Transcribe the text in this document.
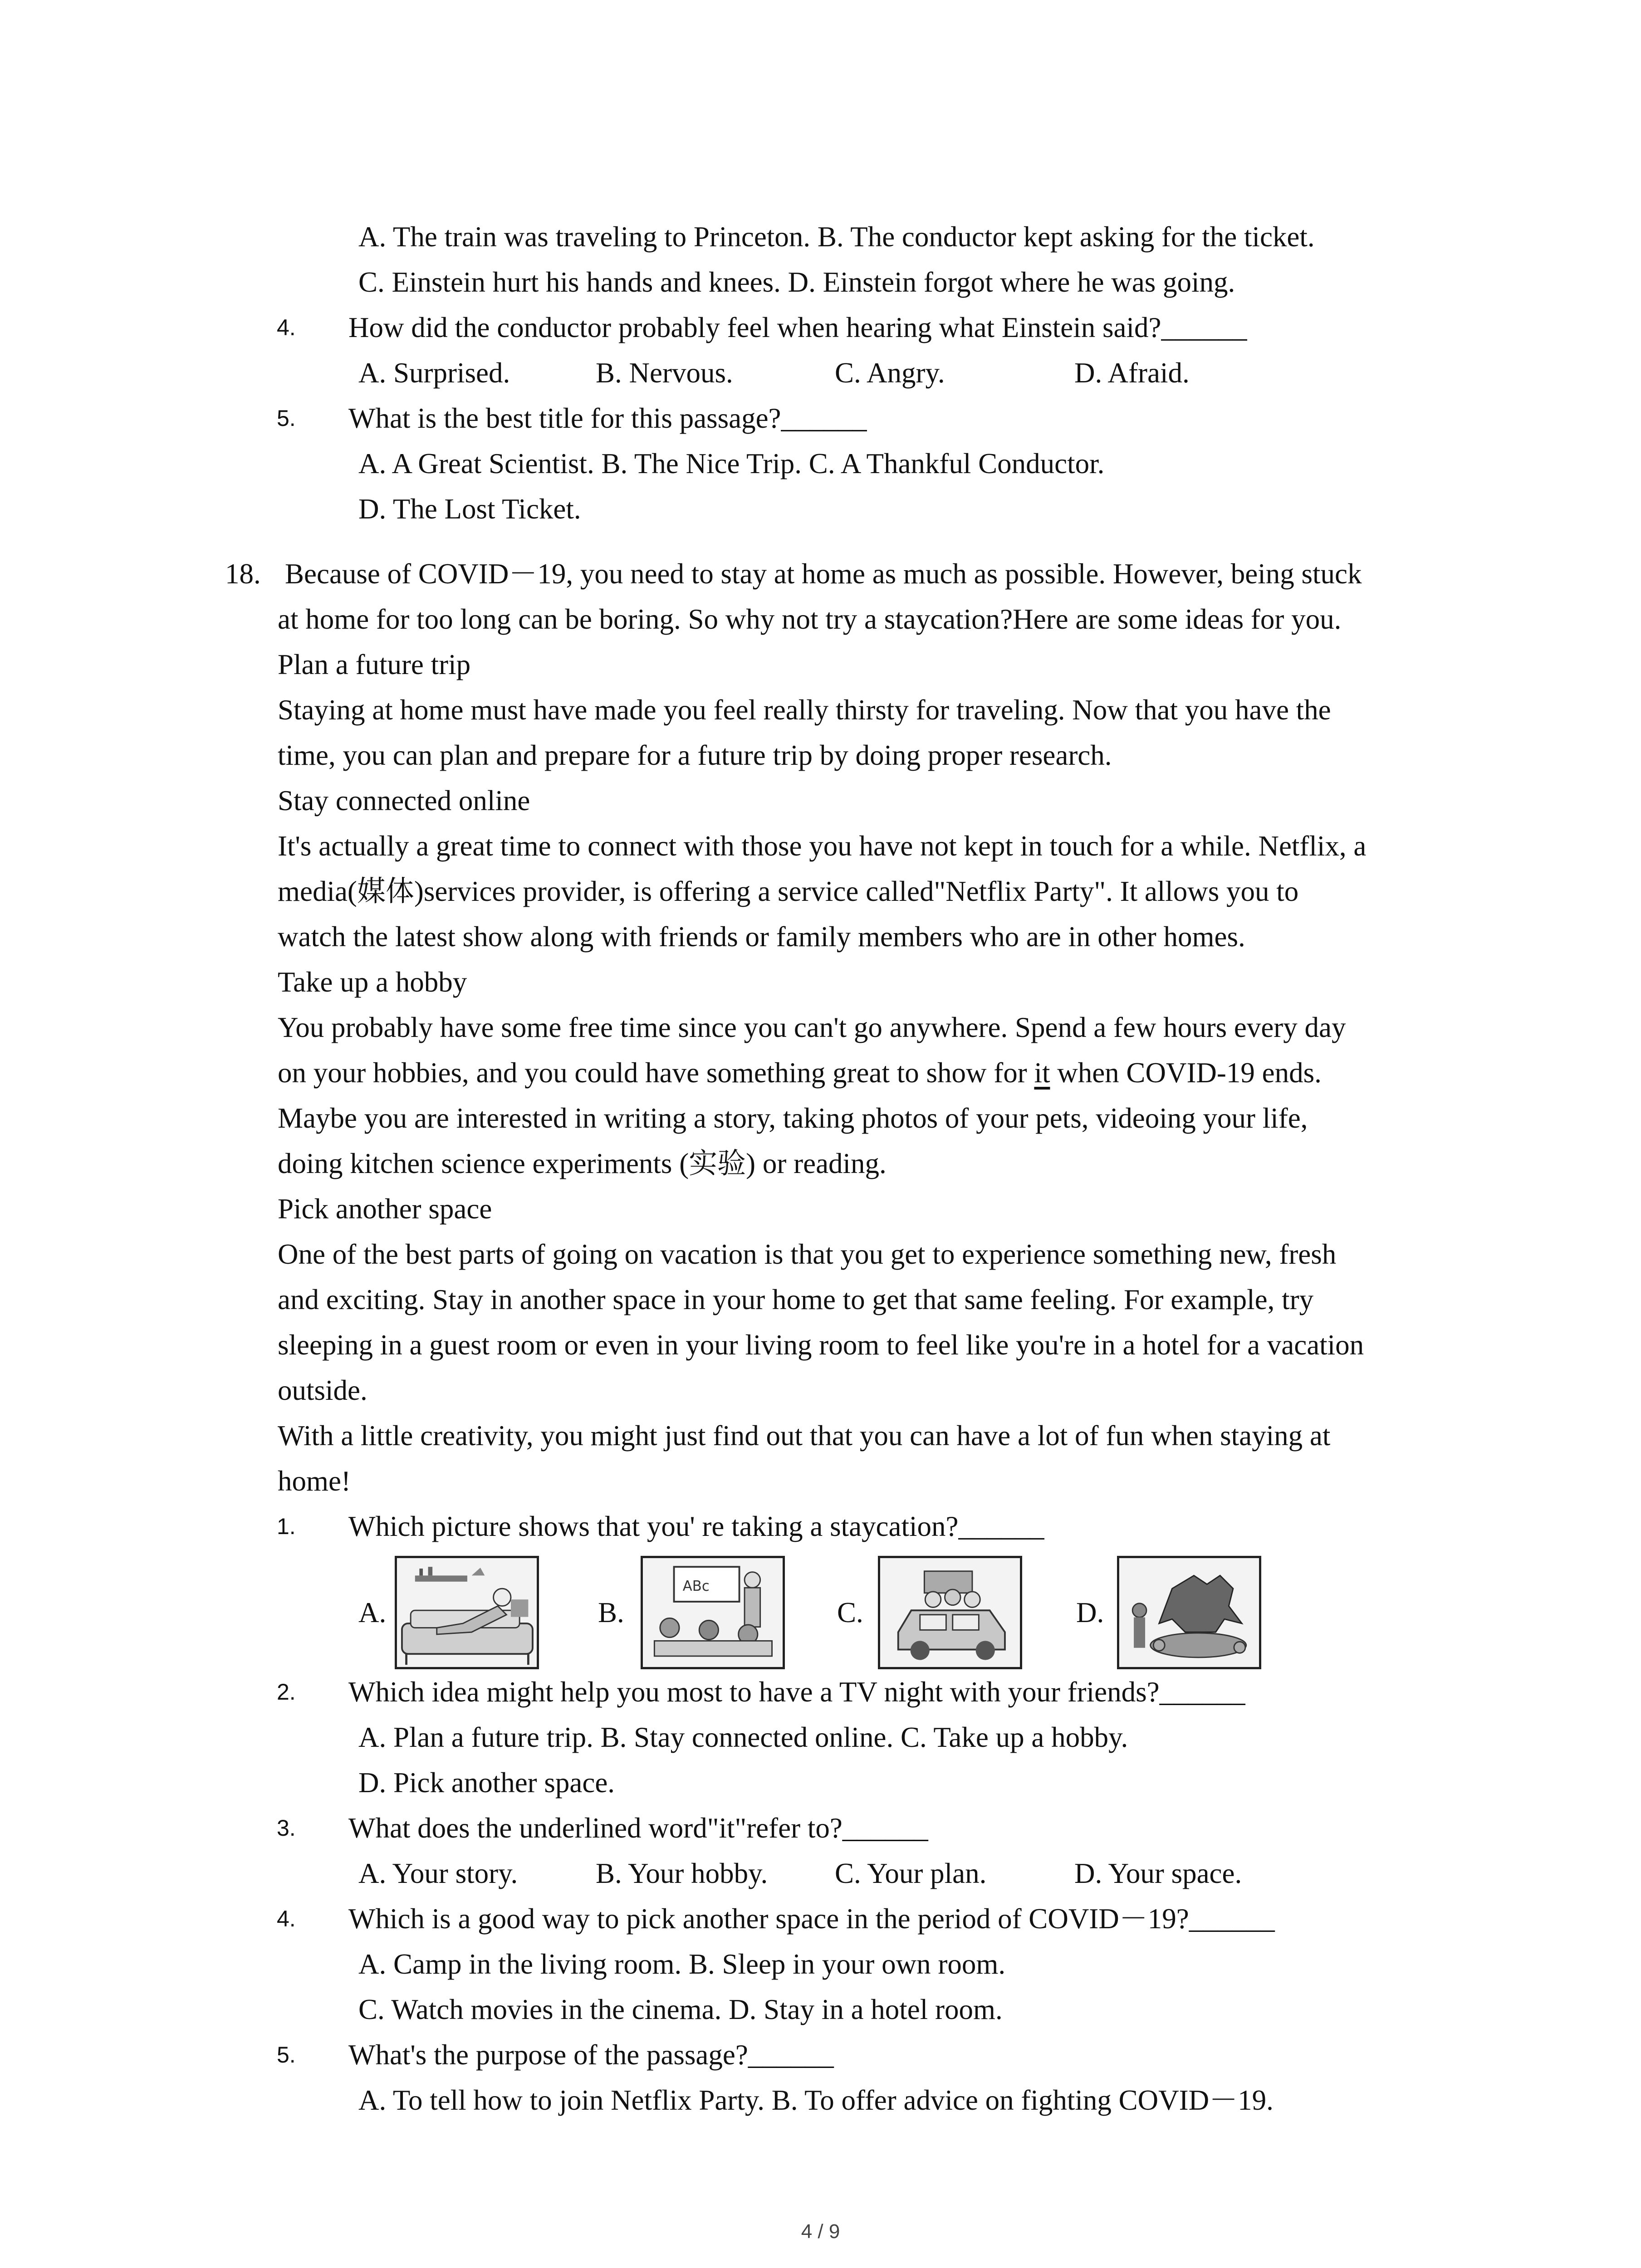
A. The train was traveling to Princeton. B. The conductor kept asking for the ticket.
C. Einstein hurt his hands and knees. D. Einstein forgot where he was going.
4. How did the conductor probably feel when hearing what Einstein said?______
A. Surprised.	B. Nervous.	C. Angry.	D. Afraid.
5. What is the best title for this passage?______
A. A Great Scientist. B. The Nice Trip. C. A Thankful Conductor.
D. The Lost Ticket.
18. Because of COVID－19, you need to stay at home as much as possible. However, being stuck
at home for too long can be boring. So why not try a staycation?Here are some ideas for you.
Plan a future trip
Staying at home must have made you feel really thirsty for traveling. Now that you have the
time, you can plan and prepare for a future trip by doing proper research.
Stay connected online
It's actually a great time to connect with those you have not kept in touch for a while. Netflix, a
media(媒体)services provider, is offering a service called"Netflix Party". It allows you to
watch the latest show along with friends or family members who are in other homes.
Take up a hobby
You probably have some free time since you can't go anywhere. Spend a few hours every day
on your hobbies, and you could have something great to show for it when COVID-19 ends.
Maybe you are interested in writing a story, taking photos of your pets, videoing your life,
doing kitchen science experiments (实验) or reading.
Pick another space
One of the best parts of going on vacation is that you get to experience something new, fresh
and exciting. Stay in another space in your home to get that same feeling. For example, try
sleeping in a guest room or even in your living room to feel like you're in a hotel for a vacation
outside.
With a little creativity, you might just find out that you can have a lot of fun when staying at
home!
1. Which picture shows that you' re taking a staycation?______
A.	B.
ABc
C.	D.
2. Which idea might help you most to have a TV night with your friends?______
A. Plan a future trip. B. Stay connected online. C. Take up a hobby.
D. Pick another space.
3. What does the underlined word"it"refer to?______
A. Your story.	B. Your hobby. C. Your plan.	D. Your space.
4. Which is a good way to pick another space in the period of COVID－19?______
A. Camp in the living room. B. Sleep in your own room.
C. Watch movies in the cinema. D. Stay in a hotel room.
5. What's the purpose of the passage?______
A. To tell how to join Netflix Party. B. To offer advice on fighting COVID－19.
4 / 9
